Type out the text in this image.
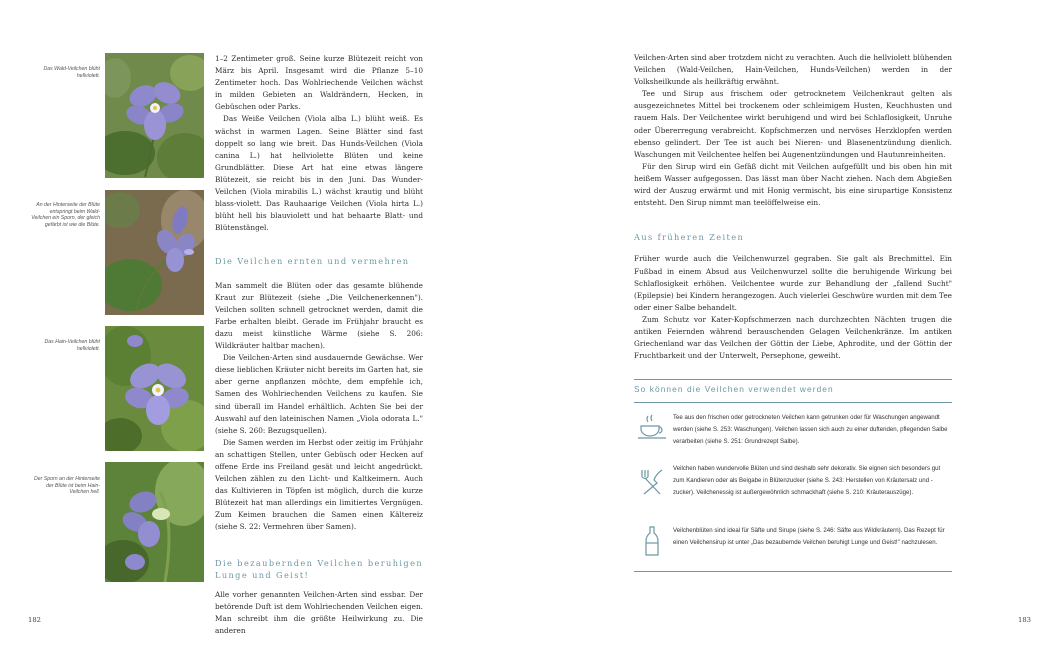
Das Wald-Veilchen blüht hellviolett.
An der Hinterseite der Blüte entspringt beim Wald-Veilchen ein Sporn, der gleich gefärbt ist wie die Blüte.
Das Hain-Veilchen blüht hellviolett.
Der Sporn an der Hinterseite der Blüte ist beim Hain-Veilchen hell.

1–2 Zentimeter groß. Seine kurze Blütezeit reicht von März bis April. Insgesamt wird die Pflanze 5–10 Zentimeter hoch. Das Wohlriechende Veilchen wächst in milden Gebieten an Waldrändern, Hecken, in Gebüschen oder Parks.

Das Weiße Veilchen (Viola alba L.) blüht weiß. Es wächst in warmen Lagen. Seine Blätter sind fast doppelt so lang wie breit. Das Hunds-Veilchen (Viola canina L.) hat hellviolette Blüten und keine Grundblätter. Diese Art hat eine etwas längere Blütezeit, sie reicht bis in den Juni. Das Wunder-Veilchen (Viola mirabilis L.) wächst krautig und blüht blass-violett. Das Rauhaarige Veilchen (Viola hirta L.) blüht hell bis blauviolett und hat behaarte Blatt- und Blütenstängel.

Die Veilchen ernten und vermehren

Man sammelt die Blüten oder das gesamte blühende Kraut zur Blütezeit (siehe „Die Veilchenerkennen"). Veilchen sollten schnell getrocknet werden, damit die Farbe erhalten bleibt. Gerade im Frühjahr braucht es dazu meist künstliche Wärme (siehe S. 206: Wildkräuter haltbar machen).

Die Veilchen-Arten sind ausdauernde Gewächse. Wer diese lieblichen Kräuter nicht bereits im Garten hat, sie aber gerne anpflanzen möchte, dem empfehle ich, Samen des Wohlriechenden Veilchens zu kaufen. Sie sind überall im Handel erhältlich. Achten Sie bei der Auswahl auf den lateinischen Namen „Viola odorata L." (siehe S. 260: Bezugsquellen).

Die Samen werden im Herbst oder zeitig im Frühjahr an schattigen Stellen, unter Gebüsch oder Hecken auf offene Erde ins Freiland gesät und leicht angedrückt. Veilchen zählen zu den Licht- und Kaltkeimern. Auch das Kultivieren in Töpfen ist möglich, durch die kurze Blütezeit hat man allerdings ein limitiertes Vergnügen. Zum Keimen brauchen die Samen einen Kältereiz (siehe S. 22: Vermehren über Samen).

Die bezaubernden Veilchen beruhigen Lunge und Geist!

Alle vorher genannten Veilchen-Arten sind essbar. Der betörende Duft ist dem Wohlriechenden Veilchen eigen. Man schreibt ihm die größte Heilwirkung zu. Die anderen

182

Veilchen-Arten sind aber trotzdem nicht zu verachten. Auch die hellviolett blühenden Veilchen (Wald-Veilchen, Hain-Veilchen, Hunds-Veilchen) werden in der Volksheilkunde als heilkräftig erwähnt.

Tee und Sirup aus frischem oder getrocknetem Veilchenkraut gelten als ausgezeichnetes Mittel bei trockenem oder schleimigem Husten, Keuchhusten und rauem Hals. Der Veilchentee wirkt beruhigend und wird bei Schlaflosigkeit, Unruhe oder Übererregung verabreicht. Kopfschmerzen und nervöses Herzklopfen werden ebenso gelindert. Der Tee ist auch bei Nieren- und Blasenentzündung dienlich. Waschungen mit Veilchentee helfen bei Augenentzündungen und Hautunreinheiten.

Für den Sirup wird ein Gefäß dicht mit Veilchen aufgefüllt und bis oben hin mit heißem Wasser aufgegossen. Das lässt man über Nacht ziehen. Nach dem Abgießen wird der Auszug erwärmt und mit Honig vermischt, bis eine sirupartige Konsistenz entsteht. Den Sirup nimmt man teelöffelweise ein.

Aus früheren Zeiten

Früher wurde auch die Veilchenwurzel gegraben. Sie galt als Brechmittel. Ein Fußbad in einem Absud aus Veilchenwurzel sollte die beruhigende Wirkung bei Schlaflosigkeit erhöhen. Veilchentee wurde zur Behandlung der „fallend Sucht" (Epilepsie) bei Kindern herangezogen. Auch vielerlei Geschwüre wurden mit dem Tee oder einer Salbe behandelt.

Zum Schutz vor Kater-Kopfschmerzen nach durchzechten Nächten trugen die antiken Feiernden während berauschenden Gelagen Veilchenkränze. Im antiken Griechenland war das Veilchen der Göttin der Liebe, Aphrodite, und der Göttin der Fruchtbarkeit und der Unterwelt, Persephone, geweiht.

So können die Veilchen verwendet werden
Tee aus den frischen oder getrockneten Veilchen kann getrunken oder für Waschungen angewandt werden (siehe S. 253: Waschungen). Veilchen lassen sich auch zu einer duftenden, pflegenden Salbe verarbeiten (siehe S. 251: Grundrezept Salbe).
Veilchen haben wundervolle Blüten und sind deshalb sehr dekorativ. Sie eignen sich besonders gut zum Kandieren oder als Beigabe in Blütenzucker (siehe S. 243: Herstellen von Kräutersalz und -zucker). Veilchenessig ist außergewöhnlich schmackhaft (siehe S. 210: Kräuterauszüge).
Veilchenblüten sind ideal für Säfte und Sirupe (siehe S. 246: Säfte aus Wildkräutern). Das Rezept für einen Veilchensirup ist unter „Das bezaubernde Veilchen beruhigt Lunge und Geist!" nachzulesen.
183
